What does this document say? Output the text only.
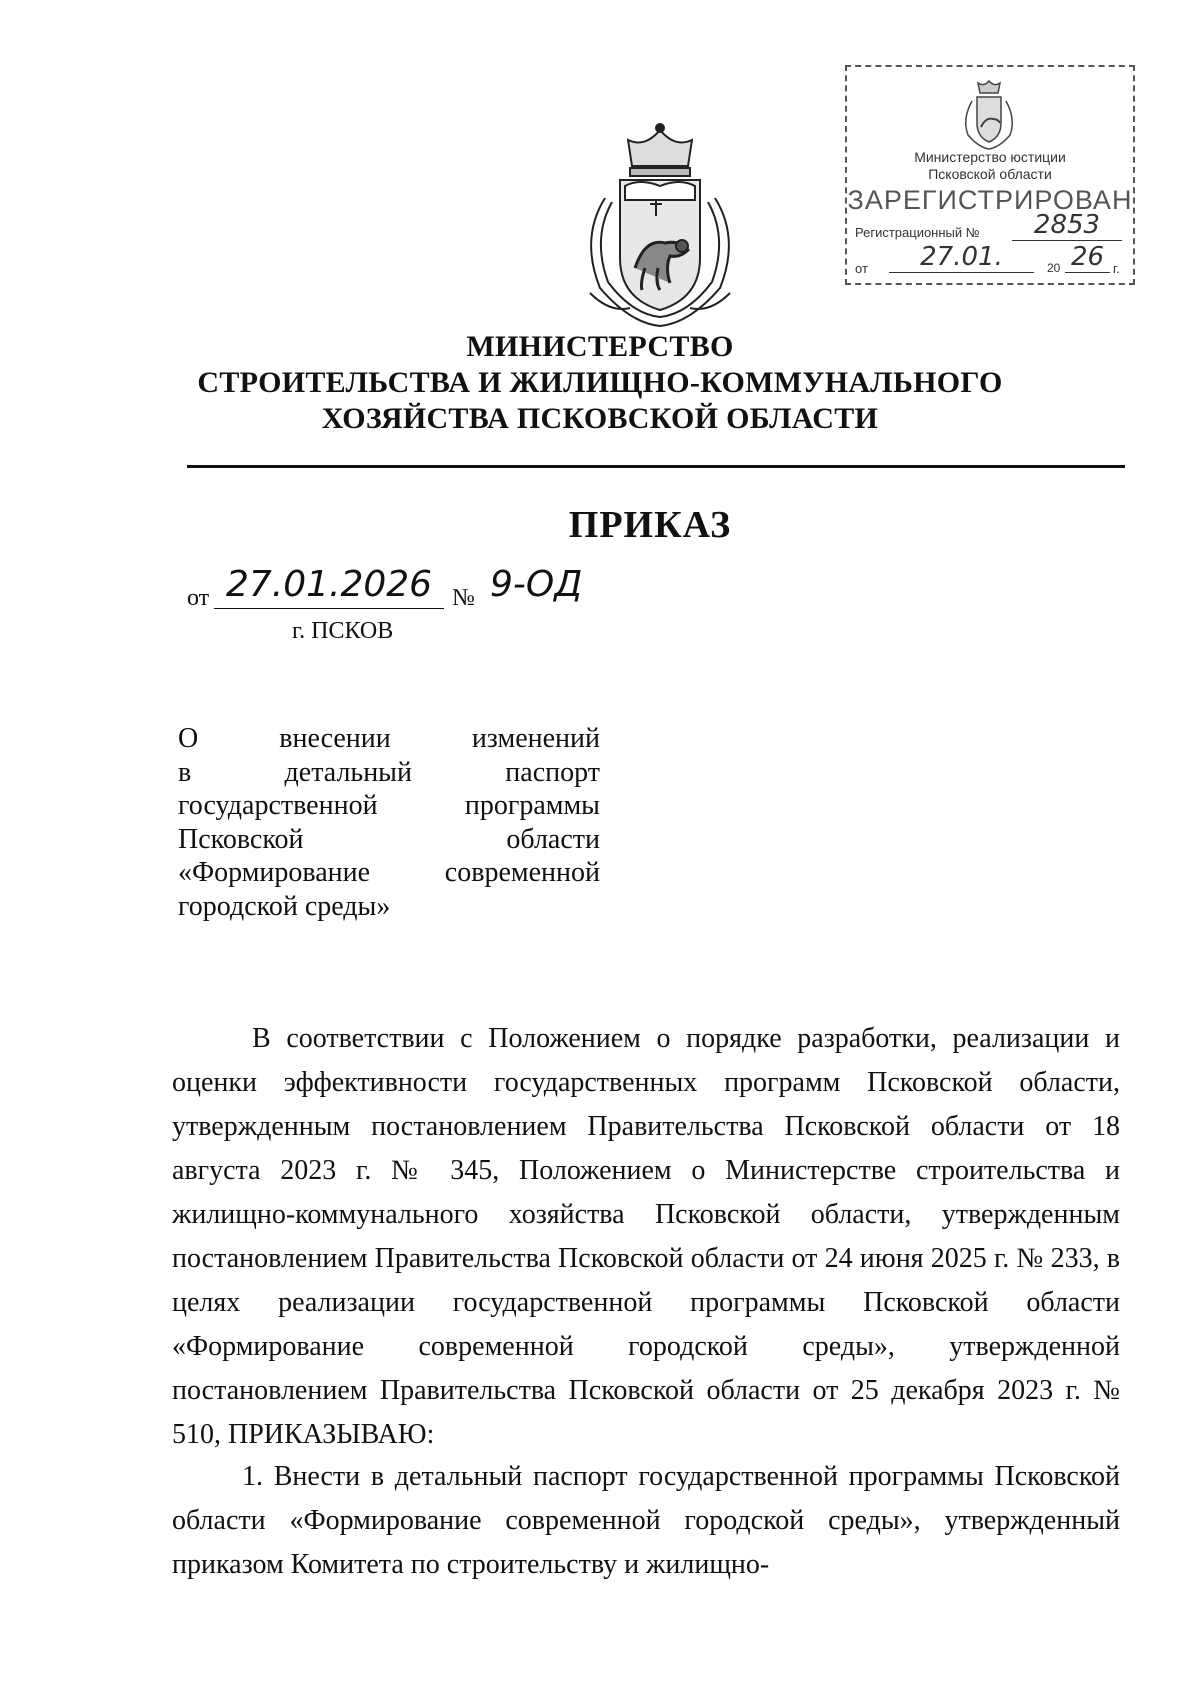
Министерство юстиции
Псковской области
ЗАРЕГИСТРИРОВАН
Регистрационный №	2853
от	27.01.	20 26 г.
МИНИСТЕРСТВО
СТРОИТЕЛЬСТВА И ЖИЛИЩНО-КОММУНАЛЬНОГО
ХОЗЯЙСТВА ПСКОВСКОЙ ОБЛАСТИ
ПРИКАЗ
от 27.01.2026 № 9-ОД
г. ПСКОВ
О внесении изменений
в детальный паспорт
государственной программы
Псковской области
«Формирование современной
городской среды»
В соответствии с Положением о порядке разработки, реализации и оценки эффективности государственных программ Псковской области, утвержденным постановлением Правительства Псковской области от 18 августа 2023 г. № 345, Положением о Министерстве строительства и жилищно-коммунального хозяйства Псковской области, утвержденным постановлением Правительства Псковской области от 24 июня 2025 г. № 233, в целях реализации государственной программы Псковской области «Формирование современной городской среды», утвержденной постановлением Правительства Псковской области от 25 декабря 2023 г. № 510, ПРИКАЗЫВАЮ:
1. Внести в детальный паспорт государственной программы Псковской области «Формирование современной городской среды», утвержденный приказом Комитета по строительству и жилищно-
